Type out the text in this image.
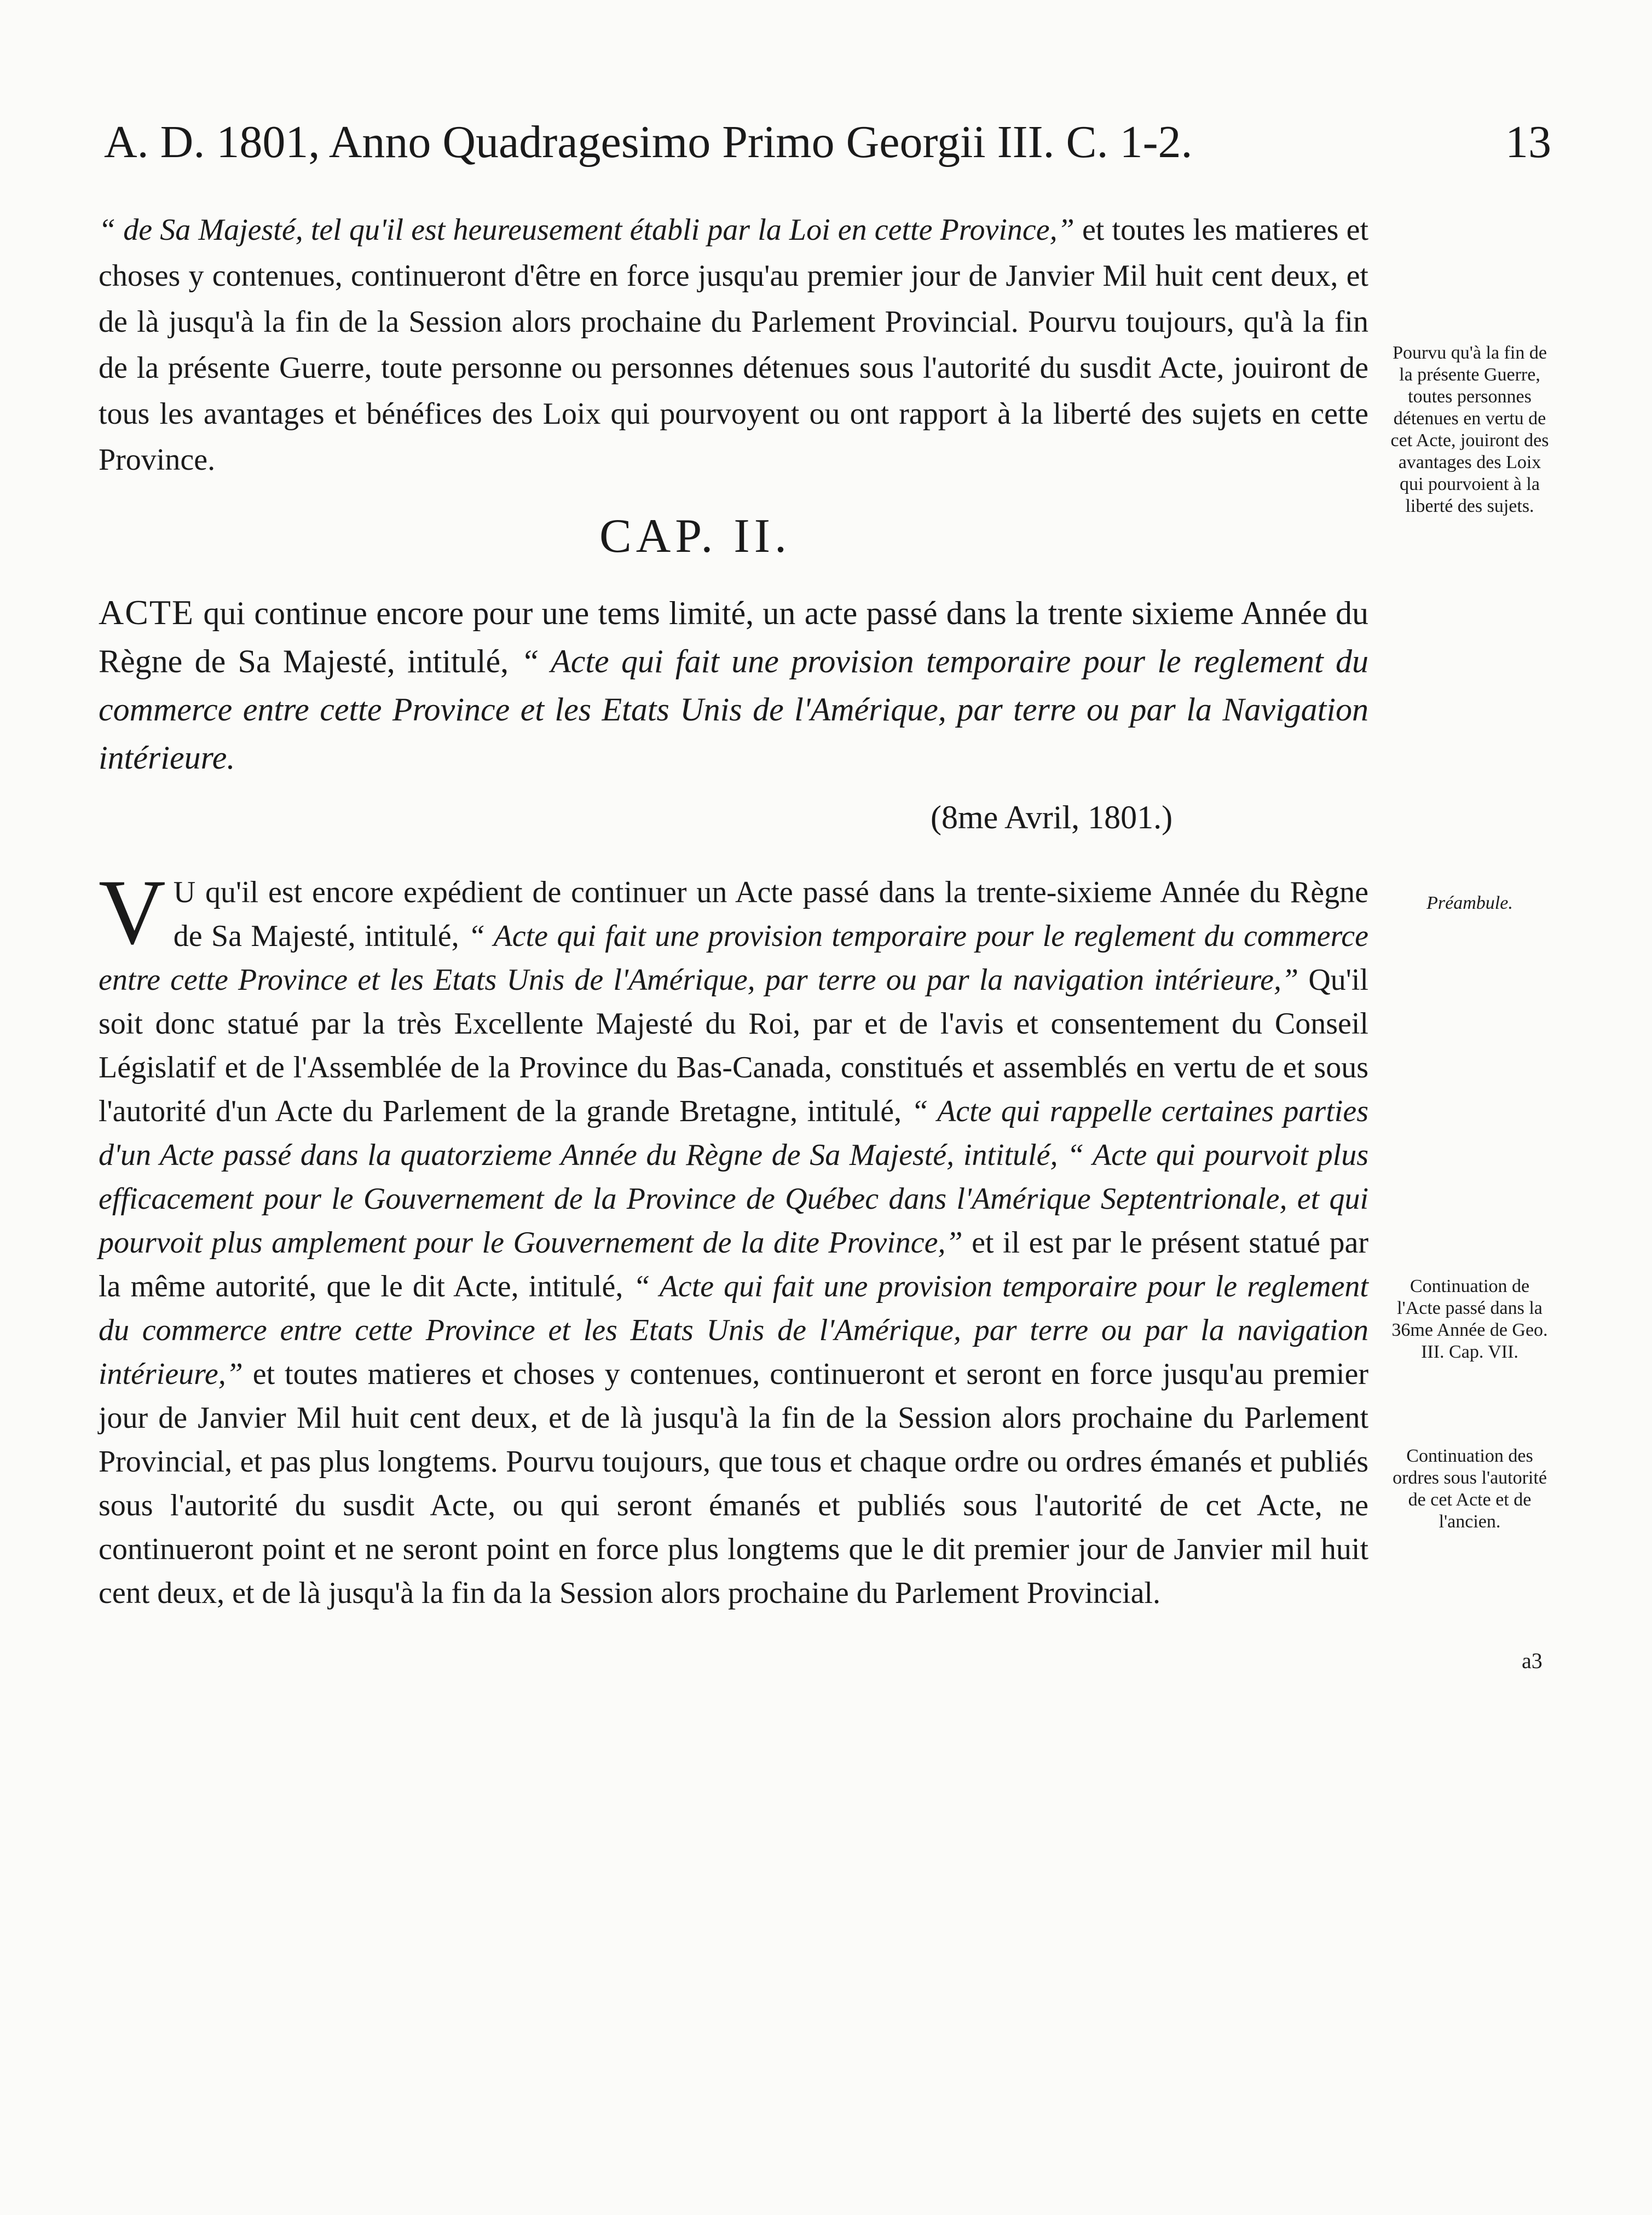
A. D. 1801, Anno Quadragesimo Primo Georgii III. C. 1-2.	13
“ de Sa Majesté, tel qu'il est heureusement établi par la Loi en cette Province,” et toutes les matieres et choses y contenues, continueront d'être en force jusqu'au premier jour de Janvier Mil huit cent deux, et de là jusqu'à la fin de la Session alors prochaine du Parlement Provincial. Pourvu toujours, qu'à la fin de la présente Guerre, toute personne ou personnes détenues sous l'autorité du susdit Acte, jouiront de tous les avantages et bénéfices des Loix qui pourvoyent ou ont rapport à la liberté des sujets en cette Province.
CAP. II.
ACTE qui continue encore pour une tems limité, un acte passé dans la trente sixieme Année du Règne de Sa Majesté, intitulé, “ Acte qui fait une provision temporaire pour le reglement du commerce entre cette Province et les Etats Unis de l'Amérique, par terre ou par la Navigation intérieure.
(8me Avril, 1801.)
V U qu'il est encore expédient de continuer un Acte passé dans la trente-sixieme Année du Règne de Sa Majesté, intitulé, “ Acte qui fait une provision temporaire pour le reglement du commerce entre cette Province et les Etats Unis de l'Amérique, par terre ou par la navigation intérieure,” Qu'il soit donc statué par la très Excellente Majesté du Roi, par et de l'avis et consentement du Conseil Législatif et de l'Assemblée de la Province du Bas-Canada, constitués et assemblés en vertu de et sous l'autorité d'un Acte du Parlement de la grande Bretagne, intitulé, “ Acte qui rappelle certaines parties d'un Acte passé dans la quatorzieme Année du Règne de Sa Majesté, intitulé, “ Acte qui pourvoit plus efficacement pour le Gouvernement de la Province de Québec dans l'Amérique Septentrionale, et qui pourvoit plus amplement pour le Gouvernement de la dite Province,” et il est par le présent statué par la même autorité, que le dit Acte, intitulé, “ Acte qui fait une provision temporaire pour le reglement du commerce entre cette Province et les Etats Unis de l'Amérique, par terre ou par la navigation intérieure,” et toutes matieres et choses y contenues, continueront et seront en force jusqu'au premier jour de Janvier Mil huit cent deux, et de là jusqu'à la fin de la Session alors prochaine du Parlement Provincial, et pas plus longtems. Pourvu toujours, que tous et chaque ordre ou ordres émanés et publiés sous l'autorité du susdit Acte, ou qui seront émanés et publiés sous l'autorité de cet Acte, ne continueront point et ne seront point en force plus longtems que le dit premier jour de Janvier mil huit cent deux, et de là jusqu'à la fin da la Session alors prochaine du Parlement Provincial.
Pourvu qu'à la fin de la présente Guerre, toutes personnes détenues en vertu de cet Acte, jouiront des avantages des Loix qui pourvoient à la liberté des sujets.
Préambule.
Continuation de l'Acte passé dans la 36me Année de Geo. III. Cap. VII.
Continuation des ordres sous l'autorité de cet Acte et de l'ancien.
a3
